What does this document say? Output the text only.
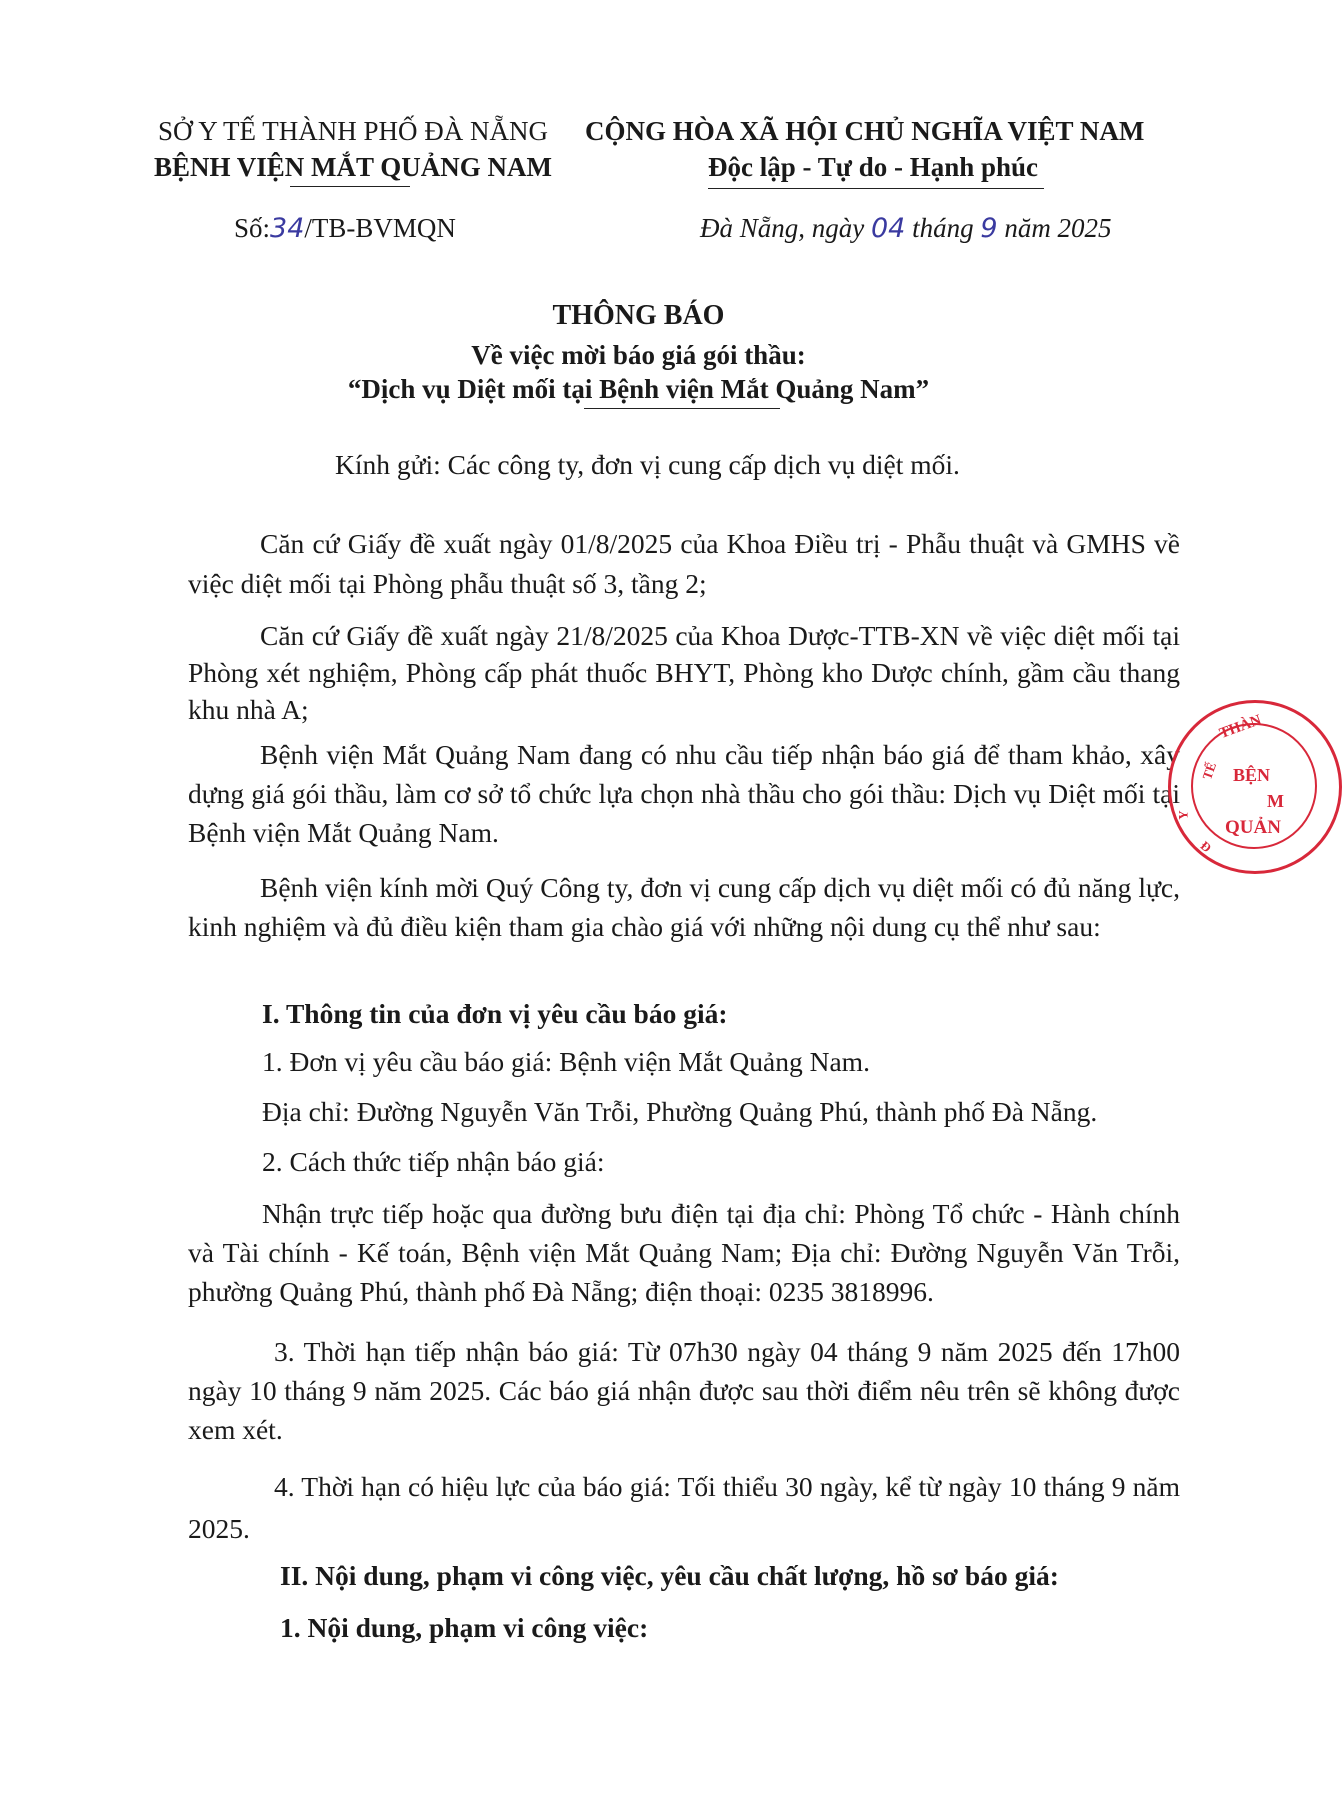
SỞ Y TẾ THÀNH PHỐ ĐÀ NẴNG
BỆNH VIỆN MẮT QUẢNG NAM
CỘNG HÒA XÃ HỘI CHỦ NGHĨA VIỆT NAM
Độc lập - Tự do - Hạnh phúc
Số:34/TB-BVMQN	Đà Nẵng, ngày 04 tháng 9 năm 2025
THÔNG BÁO
Về việc mời báo giá gói thầu:
“Dịch vụ Diệt mối tại Bệnh viện Mắt Quảng Nam”
Kính gửi: Các công ty, đơn vị cung cấp dịch vụ diệt mối.
Căn cứ Giấy đề xuất ngày 01/8/2025 của Khoa Điều trị - Phẫu thuật và GMHS về việc diệt mối tại Phòng phẫu thuật số 3, tầng 2;
Căn cứ Giấy đề xuất ngày 21/8/2025 của Khoa Dược-TTB-XN về việc diệt mối tại Phòng xét nghiệm, Phòng cấp phát thuốc BHYT, Phòng kho Dược chính, gầm cầu thang khu nhà A;
Bệnh viện Mắt Quảng Nam đang có nhu cầu tiếp nhận báo giá để tham khảo, xây dựng giá gói thầu, làm cơ sở tổ chức lựa chọn nhà thầu cho gói thầu: Dịch vụ Diệt mối tại Bệnh viện Mắt Quảng Nam.
Bệnh viện kính mời Quý Công ty, đơn vị cung cấp dịch vụ diệt mối có đủ năng lực, kinh nghiệm và đủ điều kiện tham gia chào giá với những nội dung cụ thể như sau:
I. Thông tin của đơn vị yêu cầu báo giá:
1. Đơn vị yêu cầu báo giá: Bệnh viện Mắt Quảng Nam.
Địa chỉ: Đường Nguyễn Văn Trỗi, Phường Quảng Phú, thành phố Đà Nẵng.
2. Cách thức tiếp nhận báo giá:
Nhận trực tiếp hoặc qua đường bưu điện tại địa chỉ: Phòng Tổ chức - Hành chính và Tài chính - Kế toán, Bệnh viện Mắt Quảng Nam; Địa chỉ: Đường Nguyễn Văn Trỗi, phường Quảng Phú, thành phố Đà Nẵng; điện thoại: 0235 3818996.
3. Thời hạn tiếp nhận báo giá: Từ 07h30 ngày 04 tháng 9 năm 2025 đến 17h00 ngày 10 tháng 9 năm 2025. Các báo giá nhận được sau thời điểm nêu trên sẽ không được xem xét.
4. Thời hạn có hiệu lực của báo giá: Tối thiểu 30 ngày, kể từ ngày 10 tháng 9 năm 2025.
II. Nội dung, phạm vi công việc, yêu cầu chất lượng, hồ sơ báo giá:
1. Nội dung, phạm vi công việc:
THÀN
BỆN
M
QUẢN
TẾ
Y
Đ
